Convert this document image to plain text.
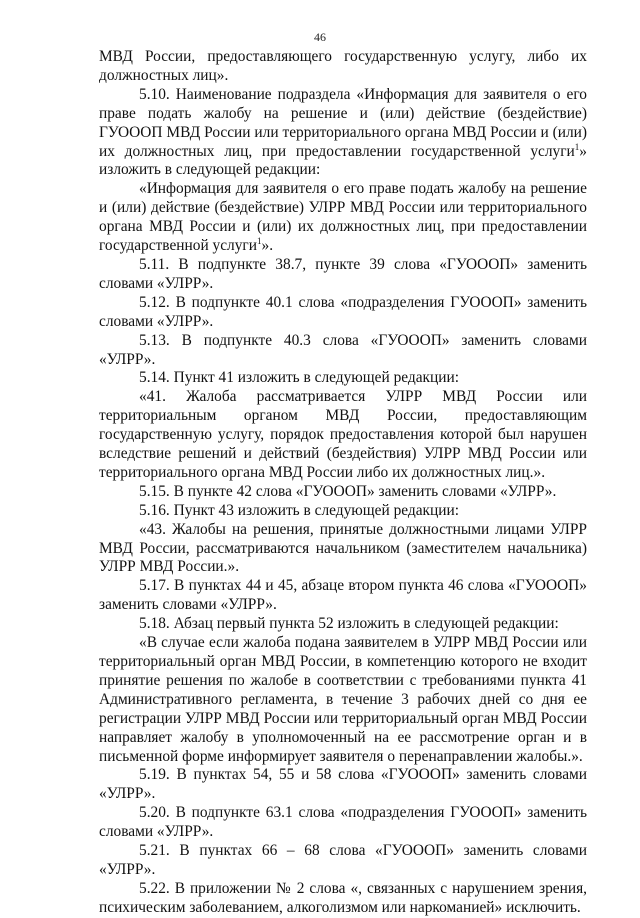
46

МВД России, предоставляющего государственную услугу, либо их должностных лиц».

5.10. Наименование подраздела «Информация для заявителя о его праве подать жалобу на решение и (или) действие (бездействие) ГУОООП МВД России или территориального органа МВД России и (или) их должностных лиц, при предоставлении государственной услуги$^1$» изложить в следующей редакции:

«Информация для заявителя о его праве подать жалобу на решение и (или) действие (бездействие) УЛРР МВД России или территориального органа МВД России и (или) их должностных лиц, при предоставлении государственной услуги$^1$».

5.11. В подпункте 38.7, пункте 39 слова «ГУОООП» заменить словами «УЛРР».

5.12. В подпункте 40.1 слова «подразделения ГУОООП» заменить словами «УЛРР».

5.13. В подпункте 40.3 слова «ГУОООП» заменить словами «УЛРР».

5.14. Пункт 41 изложить в следующей редакции:

«41. Жалоба рассматривается УЛРР МВД России или территориальным органом МВД России, предоставляющим государственную услугу, порядок предоставления которой был нарушен вследствие решений и действий (бездействия) УЛРР МВД России или территориального органа МВД России либо их должностных лиц.».

5.15. В пункте 42 слова «ГУОООП» заменить словами «УЛРР».

5.16. Пункт 43 изложить в следующей редакции:

«43. Жалобы на решения, принятые должностными лицами УЛРР МВД России, рассматриваются начальником (заместителем начальника) УЛРР МВД России.».

5.17. В пунктах 44 и 45, абзаце втором пункта 46 слова «ГУОООП» заменить словами «УЛРР».

5.18. Абзац первый пункта 52 изложить в следующей редакции:

«В случае если жалоба подана заявителем в УЛРР МВД России или территориальный орган МВД России, в компетенцию которого не входит принятие решения по жалобе в соответствии с требованиями пункта 41 Административного регламента, в течение 3 рабочих дней со дня ее регистрации УЛРР МВД России или территориальный орган МВД России направляет жалобу в уполномоченный на ее рассмотрение орган и в письменной форме информирует заявителя о перенаправлении жалобы.».

5.19. В пунктах 54, 55 и 58 слова «ГУОООП» заменить словами «УЛРР».

5.20. В подпункте 63.1 слова «подразделения ГУОООП» заменить словами «УЛРР».

5.21. В пунктах 66 – 68 слова «ГУОООП» заменить словами «УЛРР».

5.22. В приложении № 2 слова «, связанных с нарушением зрения, психическим заболеванием, алкоголизмом или наркоманией» исключить.
